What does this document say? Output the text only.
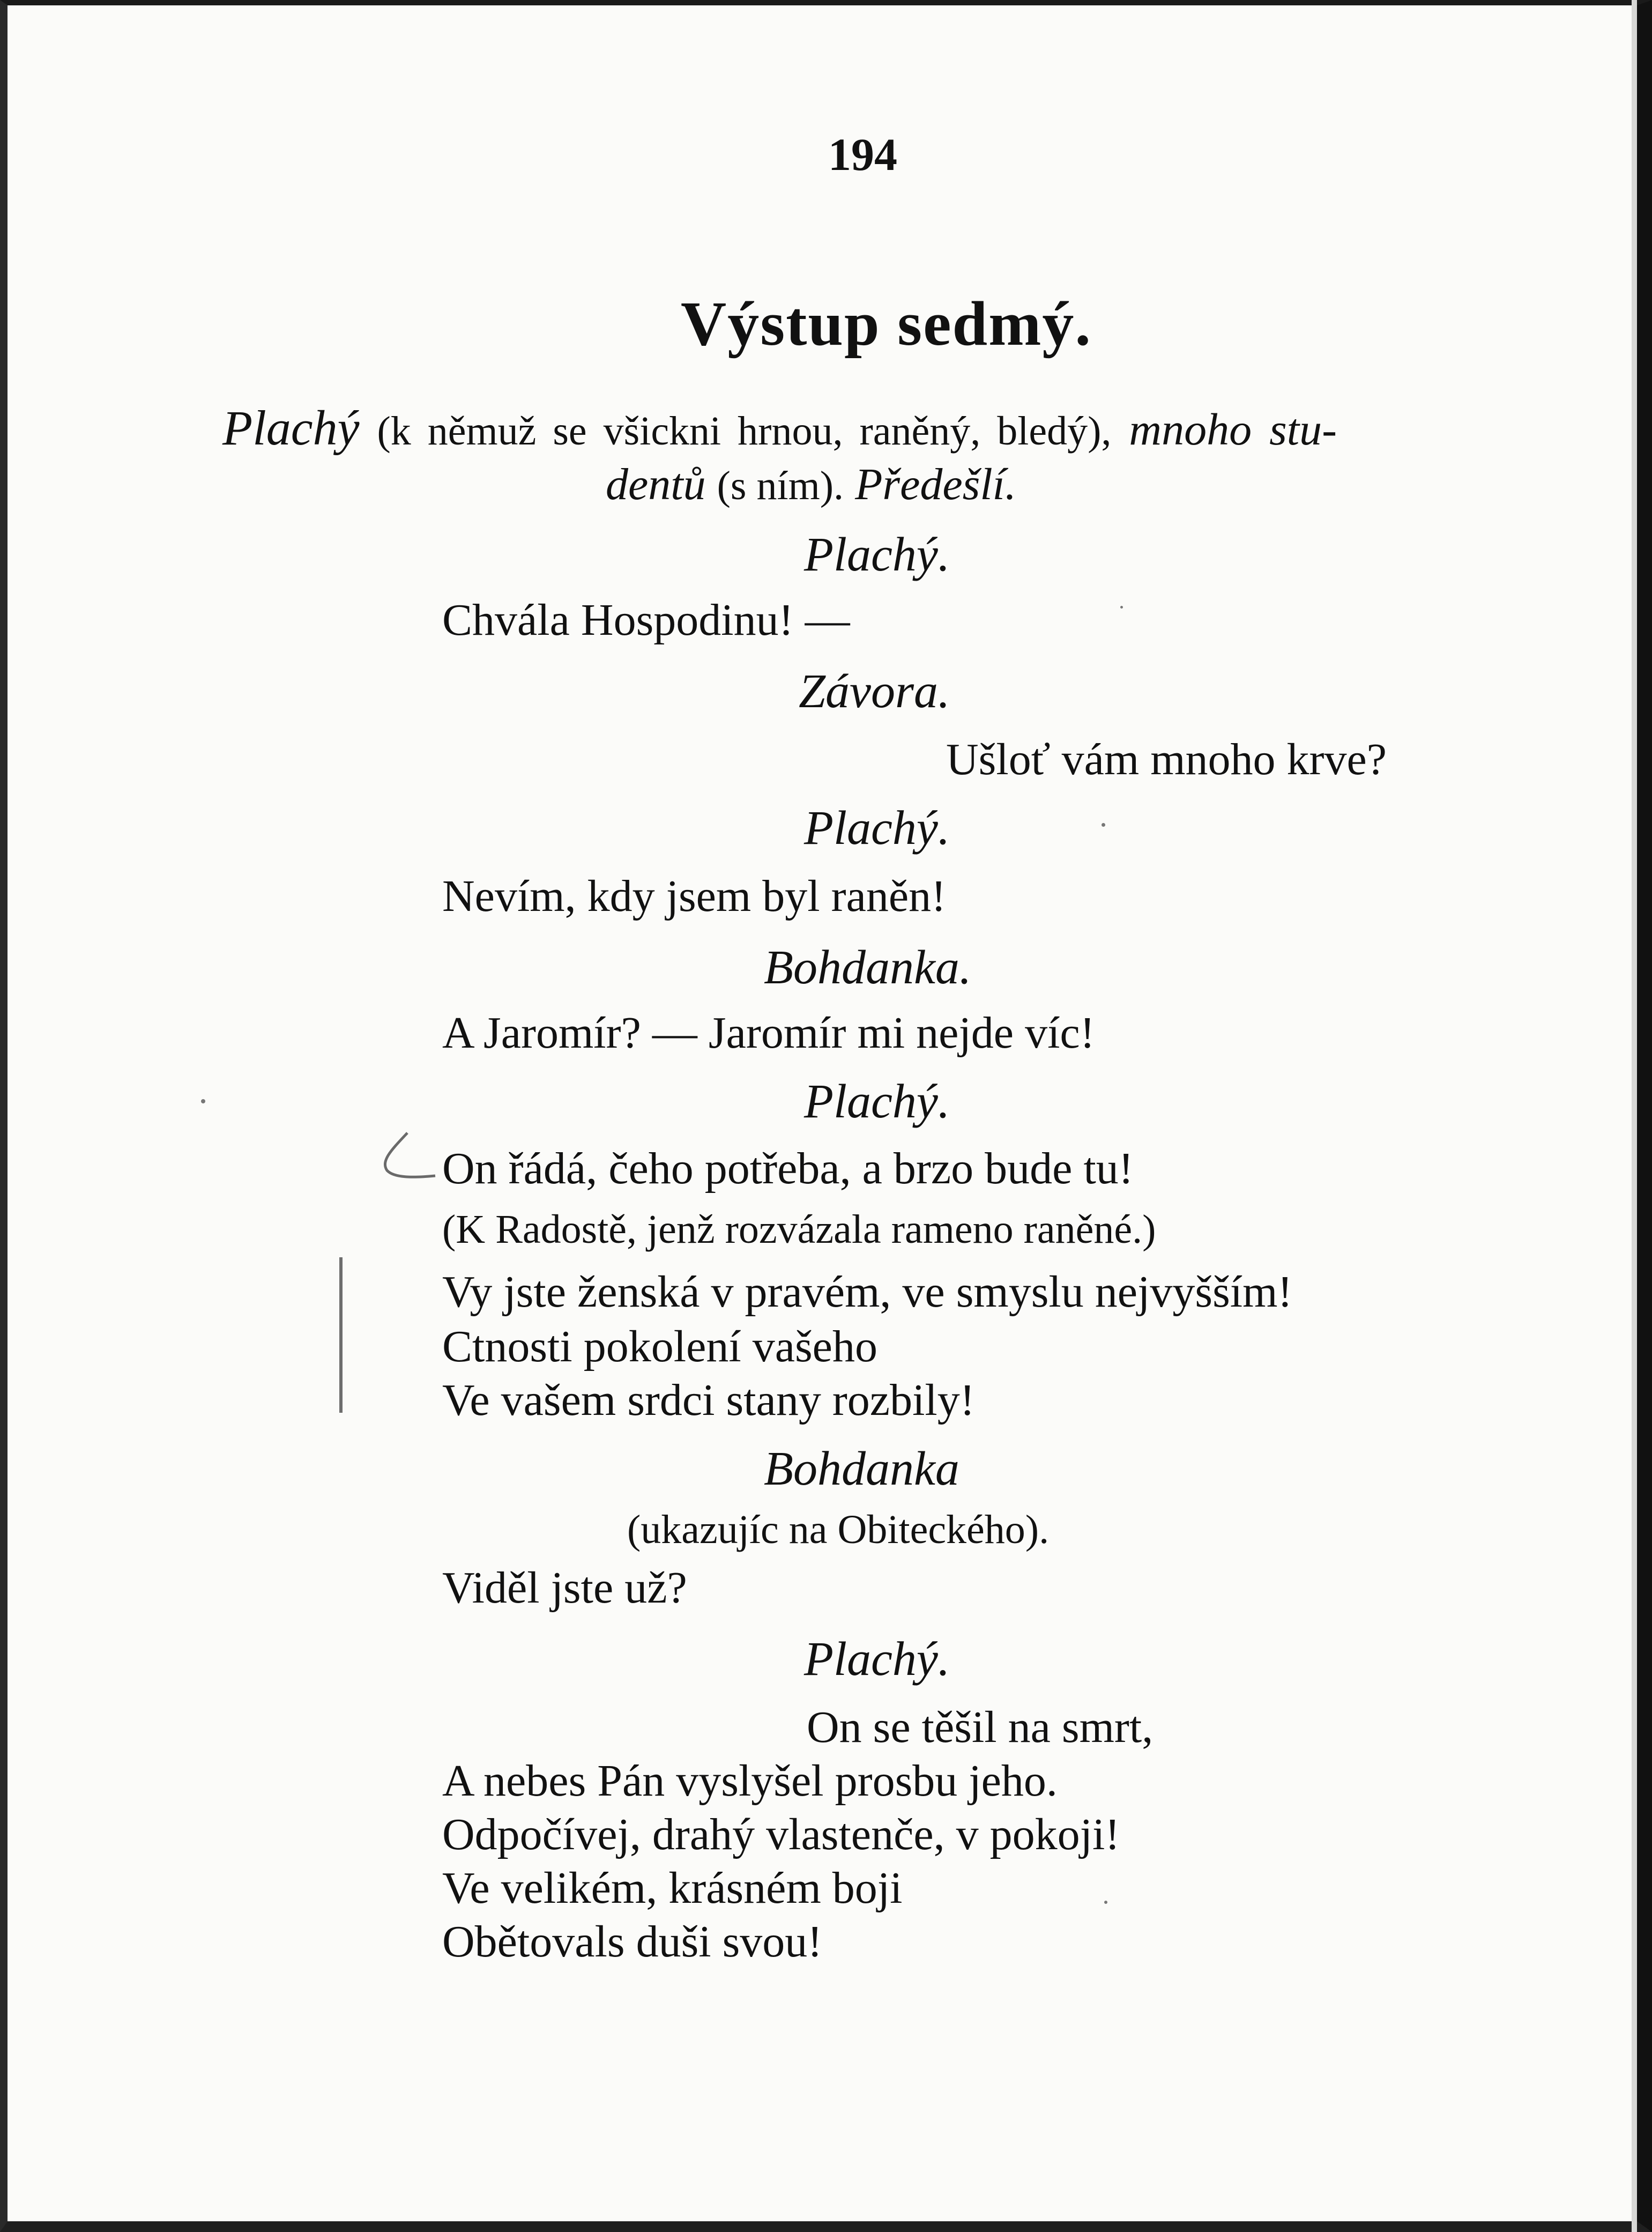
194
Výstup sedmý.
Plachý (k němuž se všickni hrnou, raněný, bledý), mnoho stu-
dentů (s ním). Předešlí.
Plachý.
Chvála Hospodinu! —
Závora.
Ušloť vám mnoho krve?
Plachý.
Nevím, kdy jsem byl raněn!
Bohdanka.
A Jaromír? — Jaromír mi nejde víc!
Plachý.
On řádá, čeho potřeba, a brzo bude tu!
(K Radostě, jenž rozvázala rameno raněné.)
Vy jste ženská v pravém, ve smyslu nejvyšším!
Ctnosti pokolení vašeho
Ve vašem srdci stany rozbily!
Bohdanka
(ukazujíc na Obiteckého).
Viděl jste už?
Plachý.
On se těšil na smrt,
A nebes Pán vyslyšel prosbu jeho.
Odpočívej, drahý vlastenče, v pokoji!
Ve velikém, krásném boji
Obětovals duši svou!
